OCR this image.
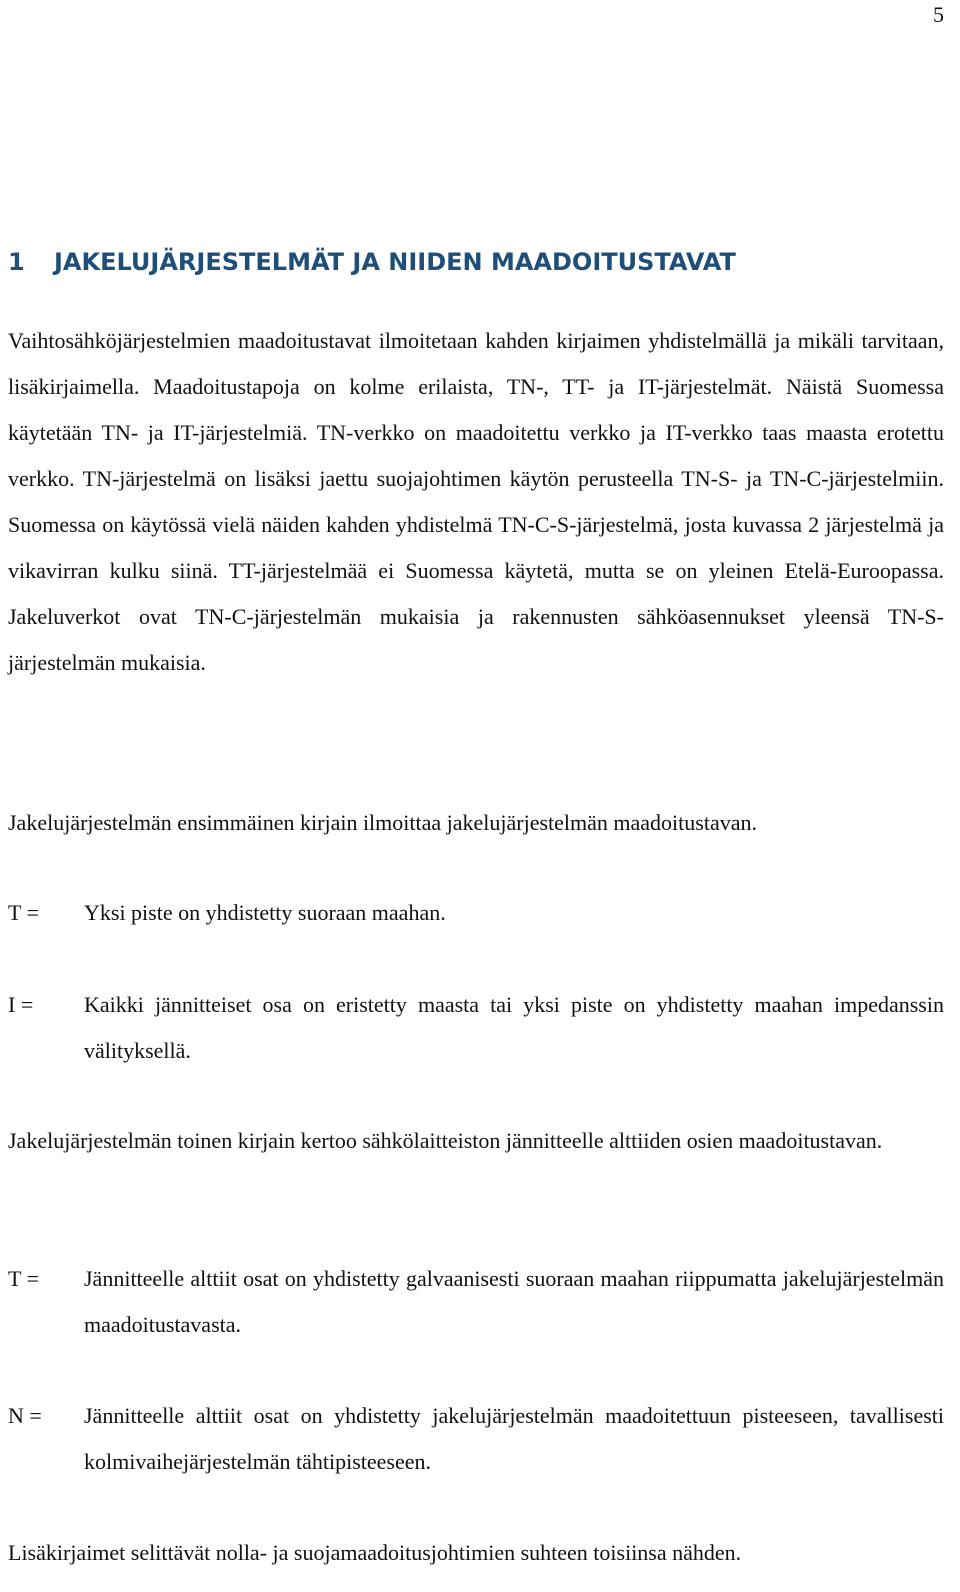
5
1 JAKELUJÄRJESTELMÄT JA NIIDEN MAADOITUSTAVAT

Vaihtosähköjärjestelmien maadoitustavat ilmoitetaan kahden kirjaimen yhdistelmällä ja mikäli tarvitaan, lisäkirjaimella. Maadoitustapoja on kolme erilaista, TN-, TT- ja IT-järjestelmät. Näistä Suomessa käytetään TN- ja IT-järjestelmiä. TN-verkko on maadoitettu verkko ja IT-verkko taas maasta erotettu verkko. TN-järjestelmä on lisäksi jaettu suojajohtimen käytön perusteella TN-S- ja TN-C-järjestelmiin. Suomessa on käytössä vielä näiden kahden yhdistelmä TN-C-S-järjestelmä, josta kuvassa 2 järjestelmä ja vikavirran kulku siinä. TT-järjestelmää ei Suomessa käytetä, mutta se on yleinen Etelä-Euroopassa. Jakeluverkot ovat TN-C-järjestelmän mukaisia ja rakennusten sähköasennukset yleensä TN-S-järjestelmän mukaisia.

Jakelujärjestelmän ensimmäinen kirjain ilmoittaa jakelujärjestelmän maadoitustavan.

T =	Yksi piste on yhdistetty suoraan maahan.
I =	Kaikki jännitteiset osa on eristetty maasta tai yksi piste on yhdistetty maahan impedanssin välityksellä.

Jakelujärjestelmän toinen kirjain kertoo sähkölaitteiston jännitteelle alttiiden osien maadoitustavan.

T =	Jännitteelle alttiit osat on yhdistetty galvaanisesti suoraan maahan riippumatta jakelujärjestelmän maadoitustavasta.
N =	Jännitteelle alttiit osat on yhdistetty jakelujärjestelmän maadoitettuun pisteeseen, tavallisesti kolmivaihejärjestelmän tähtipisteeseen.

Lisäkirjaimet selittävät nolla- ja suojamaadoitusjohtimien suhteen toisiinsa nähden.
